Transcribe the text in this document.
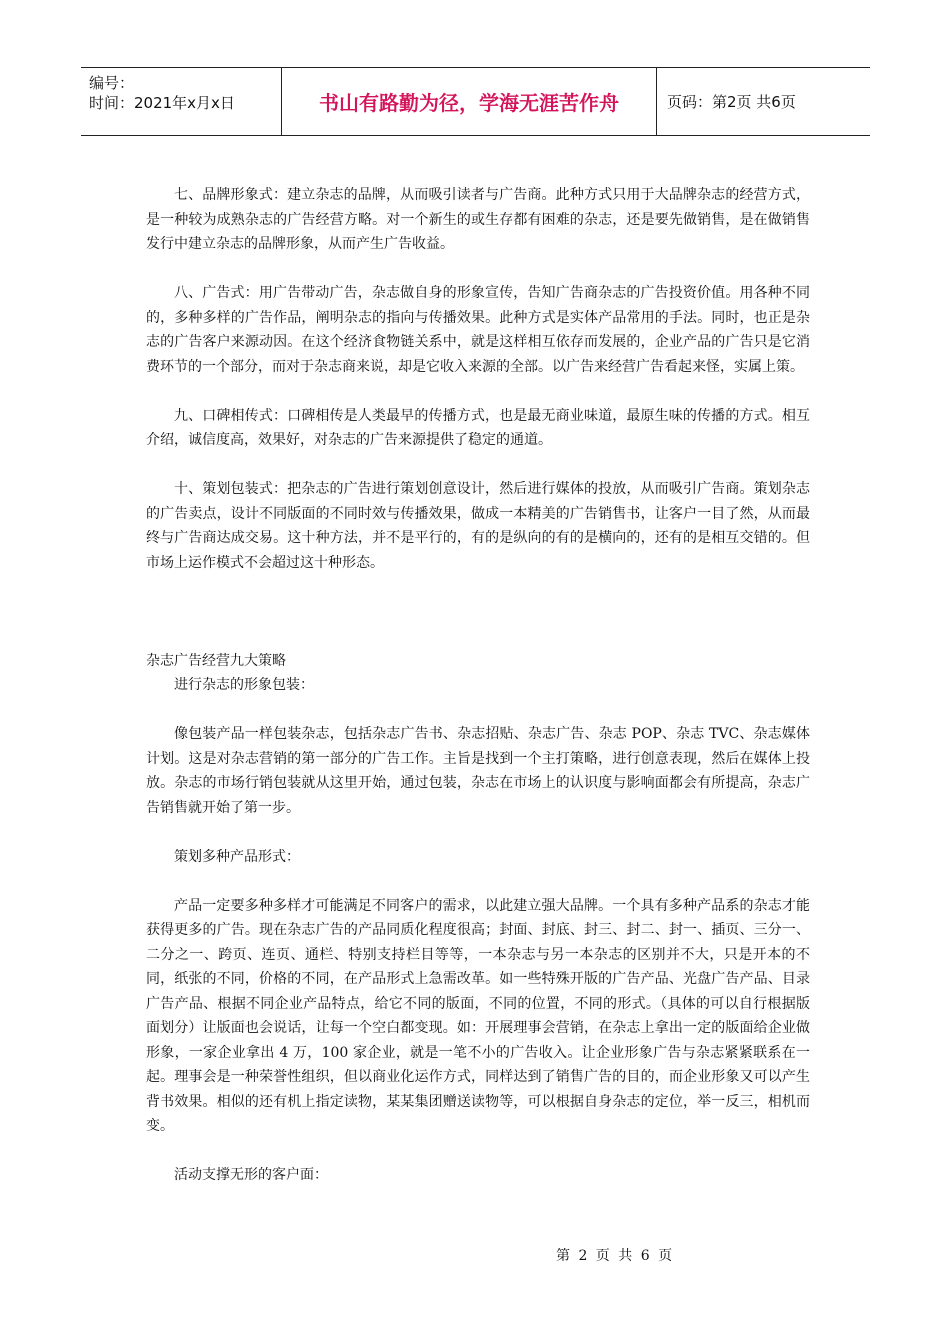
编号：
时间：2021年x月x日	书山有路勤为径，学海无涯苦作舟	页码：第2页 共6页

七、品牌形象式：建立杂志的品牌，从而吸引读者与广告商。此种方式只用于大品牌杂志的经营方式，是一种较为成熟杂志的广告经营方略。对一个新生的或生存都有困难的杂志，还是要先做销售，是在做销售发行中建立杂志的品牌形象，从而产生广告收益。

八、广告式：用广告带动广告，杂志做自身的形象宣传，告知广告商杂志的广告投资价值。用各种不同的，多种多样的广告作品，阐明杂志的指向与传播效果。此种方式是实体产品常用的手法。同时，也正是杂志的广告客户来源动因。在这个经济食物链关系中，就是这样相互依存而发展的，企业产品的广告只是它消费环节的一个部分，而对于杂志商来说，却是它收入来源的全部。以广告来经营广告看起来怪，实属上策。

九、口碑相传式：口碑相传是人类最早的传播方式，也是最无商业味道，最原生味的传播的方式。相互介绍，诚信度高，效果好，对杂志的广告来源提供了稳定的通道。

十、策划包装式：把杂志的广告进行策划创意设计，然后进行媒体的投放，从而吸引广告商。策划杂志的广告卖点，设计不同版面的不同时效与传播效果，做成一本精美的广告销售书，让客户一目了然，从而最终与广告商达成交易。这十种方法，并不是平行的，有的是纵向的有的是横向的，还有的是相互交错的。但市场上运作模式不会超过这十种形态。

杂志广告经营九大策略

进行杂志的形象包装：

像包装产品一样包装杂志，包括杂志广告书、杂志招贴、杂志广告、杂志 POP、杂志 TVC、杂志媒体计划。这是对杂志营销的第一部分的广告工作。主旨是找到一个主打策略，进行创意表现，然后在媒体上投放。杂志的市场行销包装就从这里开始，通过包装，杂志在市场上的认识度与影响面都会有所提高，杂志广告销售就开始了第一步。

策划多种产品形式：

产品一定要多种多样才可能满足不同客户的需求，以此建立强大品牌。一个具有多种产品系的杂志才能获得更多的广告。现在杂志广告的产品同质化程度很高；封面、封底、封三、封二、封一、插页、三分一、二分之一、跨页、连页、通栏、特别支持栏目等等，一本杂志与另一本杂志的区别并不大，只是开本的不同，纸张的不同，价格的不同，在产品形式上急需改革。如一些特殊开版的广告产品、光盘广告产品、目录广告产品、根据不同企业产品特点，给它不同的版面，不同的位置，不同的形式。（具体的可以自行根据版面划分）让版面也会说话，让每一个空白都变现。如：开展理事会营销，在杂志上拿出一定的版面给企业做形象，一家企业拿出 4 万，100 家企业，就是一笔不小的广告收入。让企业形象广告与杂志紧紧联系在一起。理事会是一种荣誉性组织，但以商业化运作方式，同样达到了销售广告的目的，而企业形象又可以产生背书效果。相似的还有机上指定读物，某某集团赠送读物等，可以根据自身杂志的定位，举一反三，相机而变。

活动支撑无形的客户面：

第 2 页 共 6 页
